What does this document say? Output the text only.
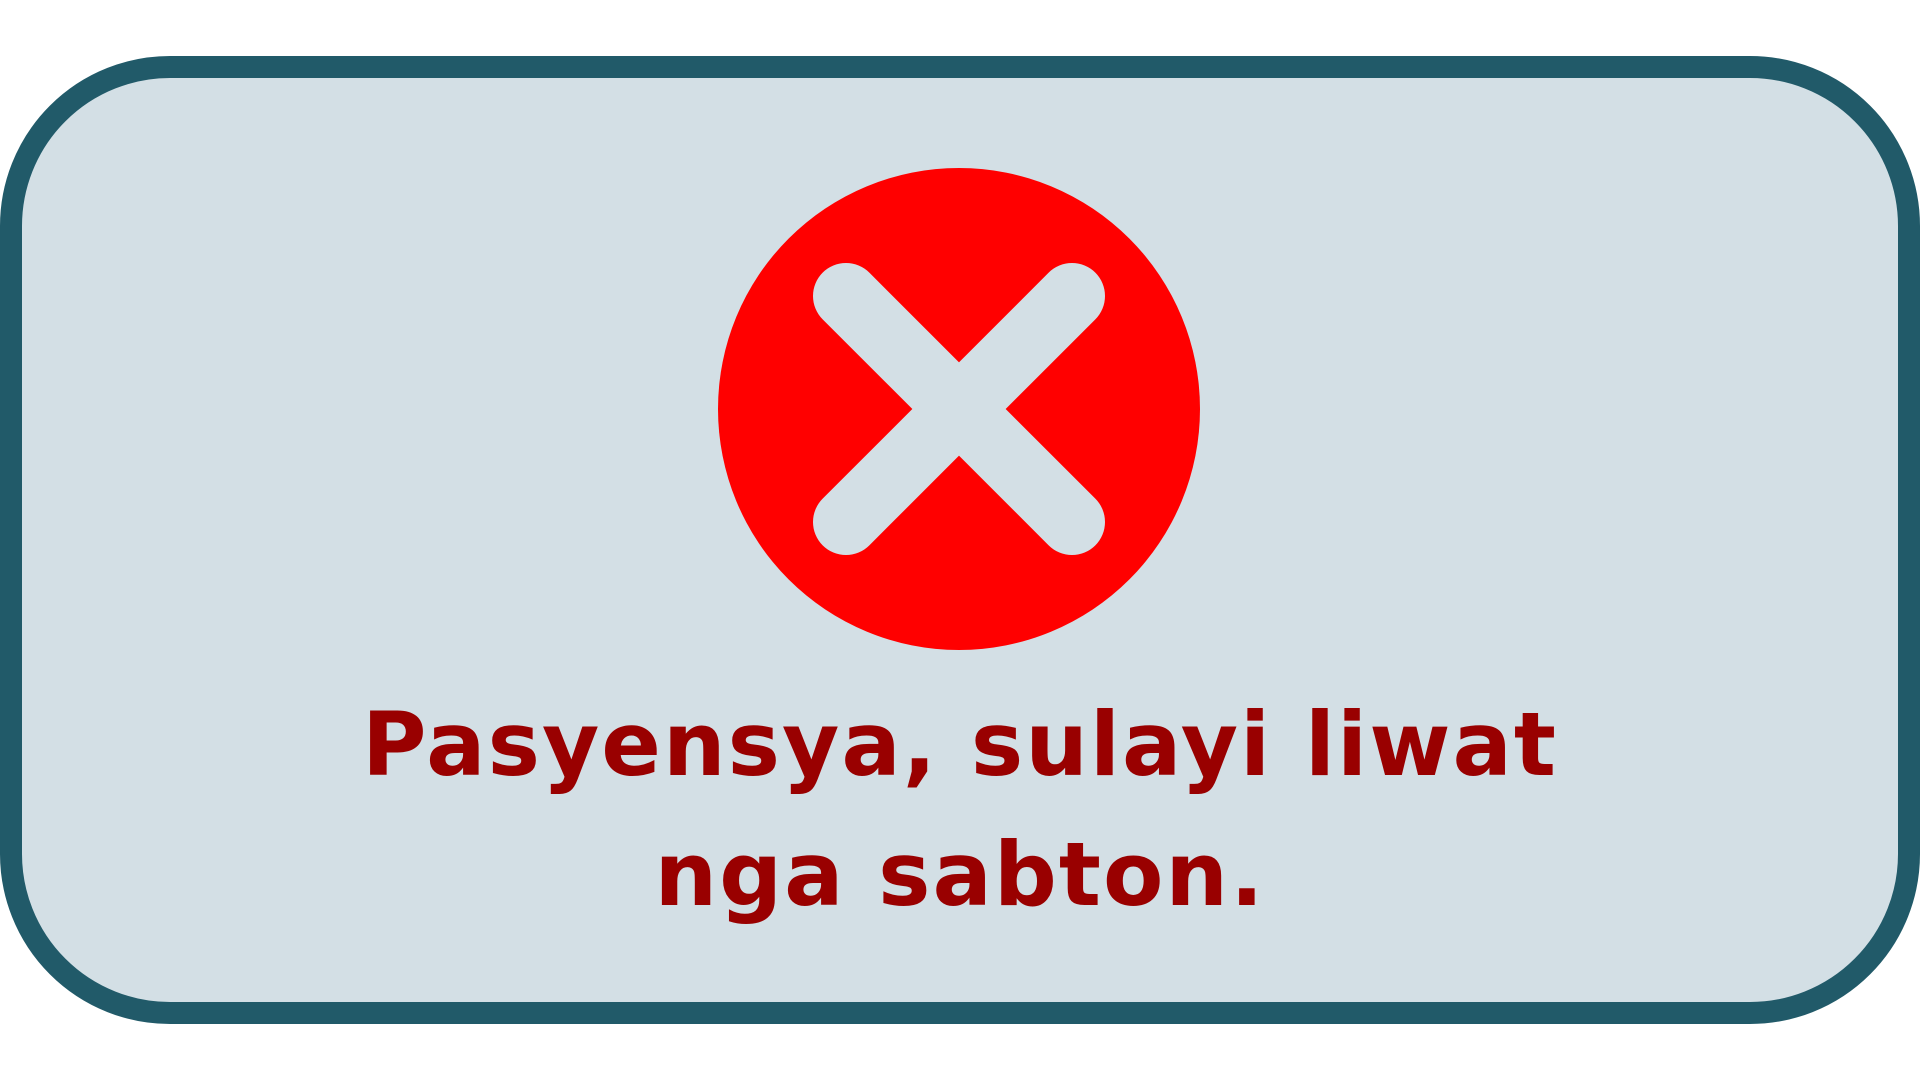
Pasyensya, sulayi liwat
nga sabton.
